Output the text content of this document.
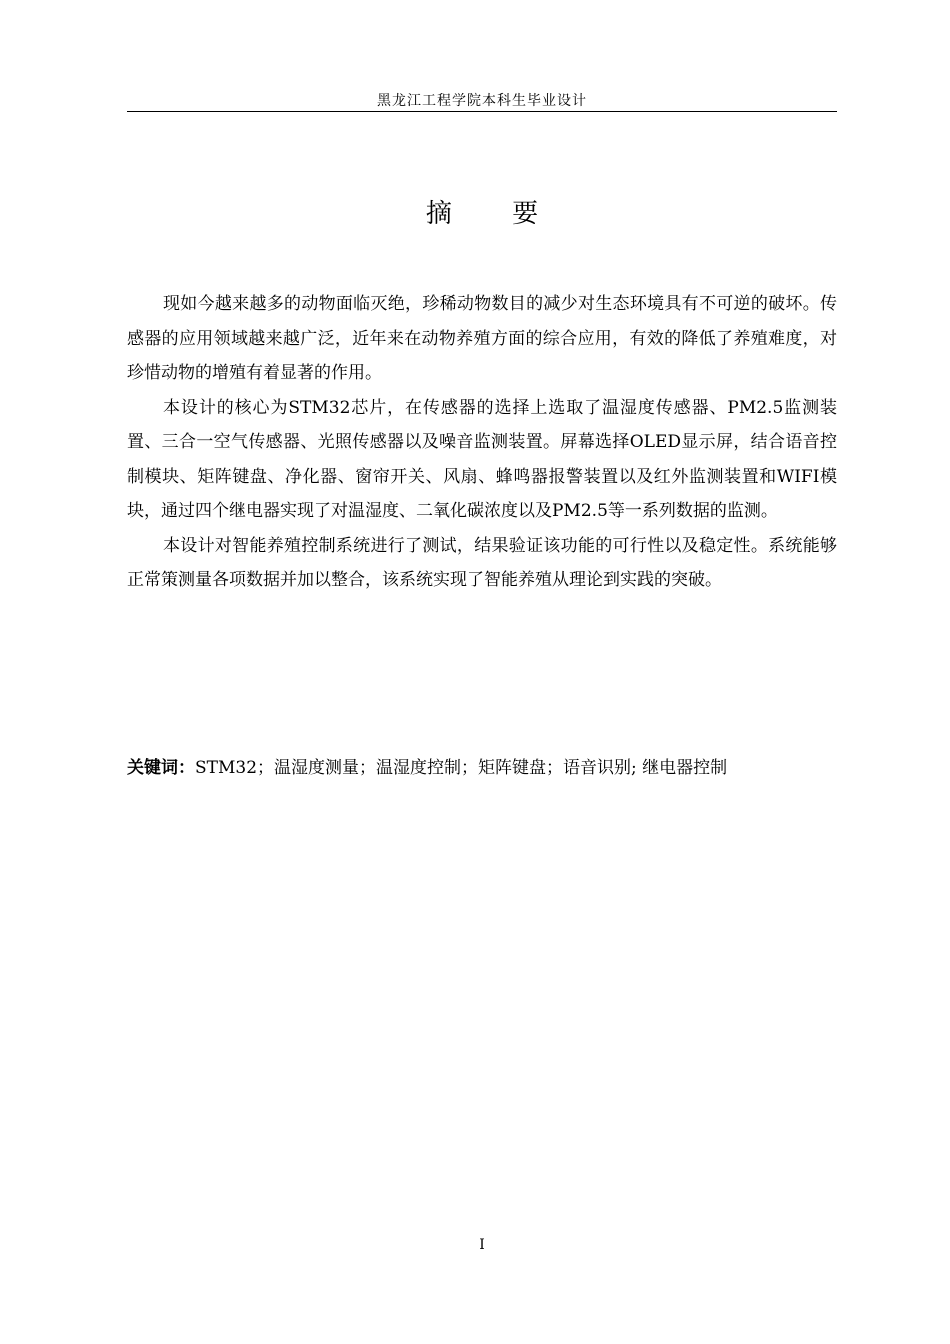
黑龙江工程学院本科生毕业设计
摘 要

现如今越来越多的动物面临灭绝，珍稀动物数目的减少对生态环境具有不可逆的破坏。传感器的应用领域越来越广泛，近年来在动物养殖方面的综合应用，有效的降低了养殖难度，对珍惜动物的增殖有着显著的作用。

本设计的核心为STM32芯片，在传感器的选择上选取了温湿度传感器、PM2.5监测装置、三合一空气传感器、光照传感器以及噪音监测装置。屏幕选择OLED显示屏，结合语音控制模块、矩阵键盘、净化器、窗帘开关、风扇、蜂鸣器报警装置以及红外监测装置和WIFI模块，通过四个继电器实现了对温湿度、二氧化碳浓度以及PM2.5等一系列数据的监测。

本设计对智能养殖控制系统进行了测试，结果验证该功能的可行性以及稳定性。系统能够正常策测量各项数据并加以整合，该系统实现了智能养殖从理论到实践的突破。

关键词：STM32；温湿度测量；温湿度控制；矩阵键盘；语音识别; 继电器控制
I
